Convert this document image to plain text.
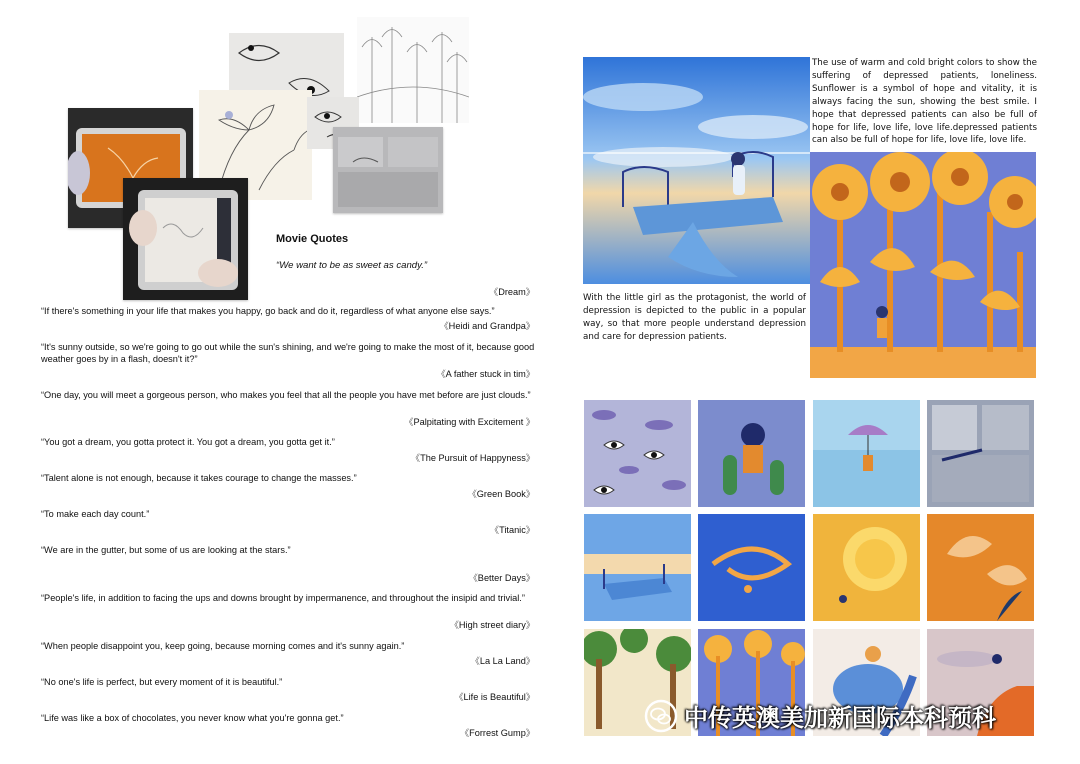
Movie Quotes
“We want to be as sweet as candy.”
《Dream》
“If there's something in your life that makes you happy, go back and do it, regardless of what anyone else says.”
《Heidi and Grandpa》
“It's sunny outside, so we're going to go out while the sun's shining, and we're going to make the most of it, because good weather goes by in a flash, doesn't it?”
《A father stuck in tim》
“One day, you will meet a gorgeous person, who makes you feel that all the people you have met before are just clouds.”
《Palpitating with Excitement 》
“You got a dream, you gotta protect it. You got a dream, you gotta get it.”
《The Pursuit of Happyness》
“Talent alone is not enough, because it takes courage to change the masses.”
《Green Book》
“To make each day count.”
《Titanic》
“We are in the gutter, but some of us are looking at the stars.”
《Better Days》
“People's life, in addition to facing the ups and downs brought by impermanence, and throughout the insipid and trivial.”
《High street diary》
“When people disappoint you, keep going, because morning comes and it's sunny again.”
《La La Land》
“No one's life is perfect, but every moment of it is beautiful.”
《Life is Beautiful》
“Life was like a box of chocolates, you never know what you're gonna get.”
《Forrest Gump》
The use of warm and cold bright colors to show the suffering of depressed patients, loneliness. Sunflower is a symbol of hope and vitality, it is always facing the sun, showing the best smile. I hope that depressed patients can also be full of hope for life, love life, love life.depressed patients can also be full of hope for life, love life, love life.
With the little girl as the protagonist, the world of depression is depicted to the public in a popular way, so that more people understand depression and care for depression patients.
中传英澳美加新国际本科预科
